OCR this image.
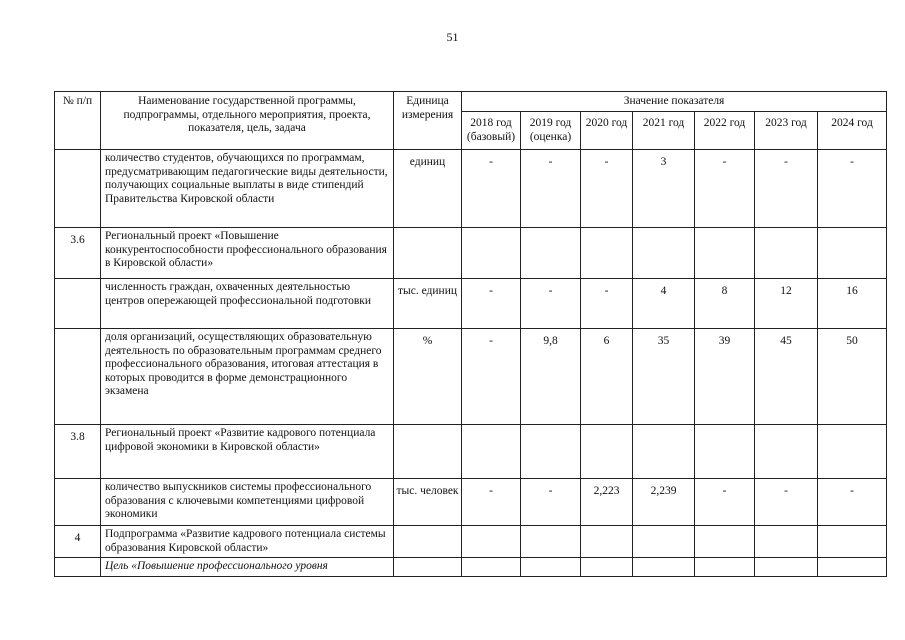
51
№ п/п	Наименование государственной программы, подпрограммы, отдельного мероприятия, проекта, показателя, цель, задача	Единица измерения	Значение показателя						
			2018 год (базовый)	2019 год (оценка)	2020 год	2021 год	2022 год	2023 год	2024 год
	количество студентов, обучающихся по программам, предусматривающим педагогические виды деятельности, получающих социальные выплаты в виде стипендий Правительства Кировской области	единиц	-	-	-	3	-	-	-
3.6	Региональный проект «Повышение конкурентоспособности профессионального образования в Кировской области»								
	численность граждан, охваченных деятельностью центров опережающей профессиональной подготовки	тыс. единиц	-	-	-	4	8	12	16
	доля организаций, осуществляющих образовательную деятельность по образовательным программам среднего профессионального образования, итоговая аттестация в которых проводится в форме демонстрационного экзамена	%	-	9,8	6	35	39	45	50
3.8	Региональный проект «Развитие кадрового потенциала цифровой экономики в Кировской области»								
	количество выпускников системы профессионального образования с ключевыми компетенциями цифровой экономики	тыс. человек	-	-	2,223	2,239	-	-	-
4	Подпрограмма «Развитие кадрового потенциала системы образования Кировской области»								
	Цель «Повышение профессионального уровня								
